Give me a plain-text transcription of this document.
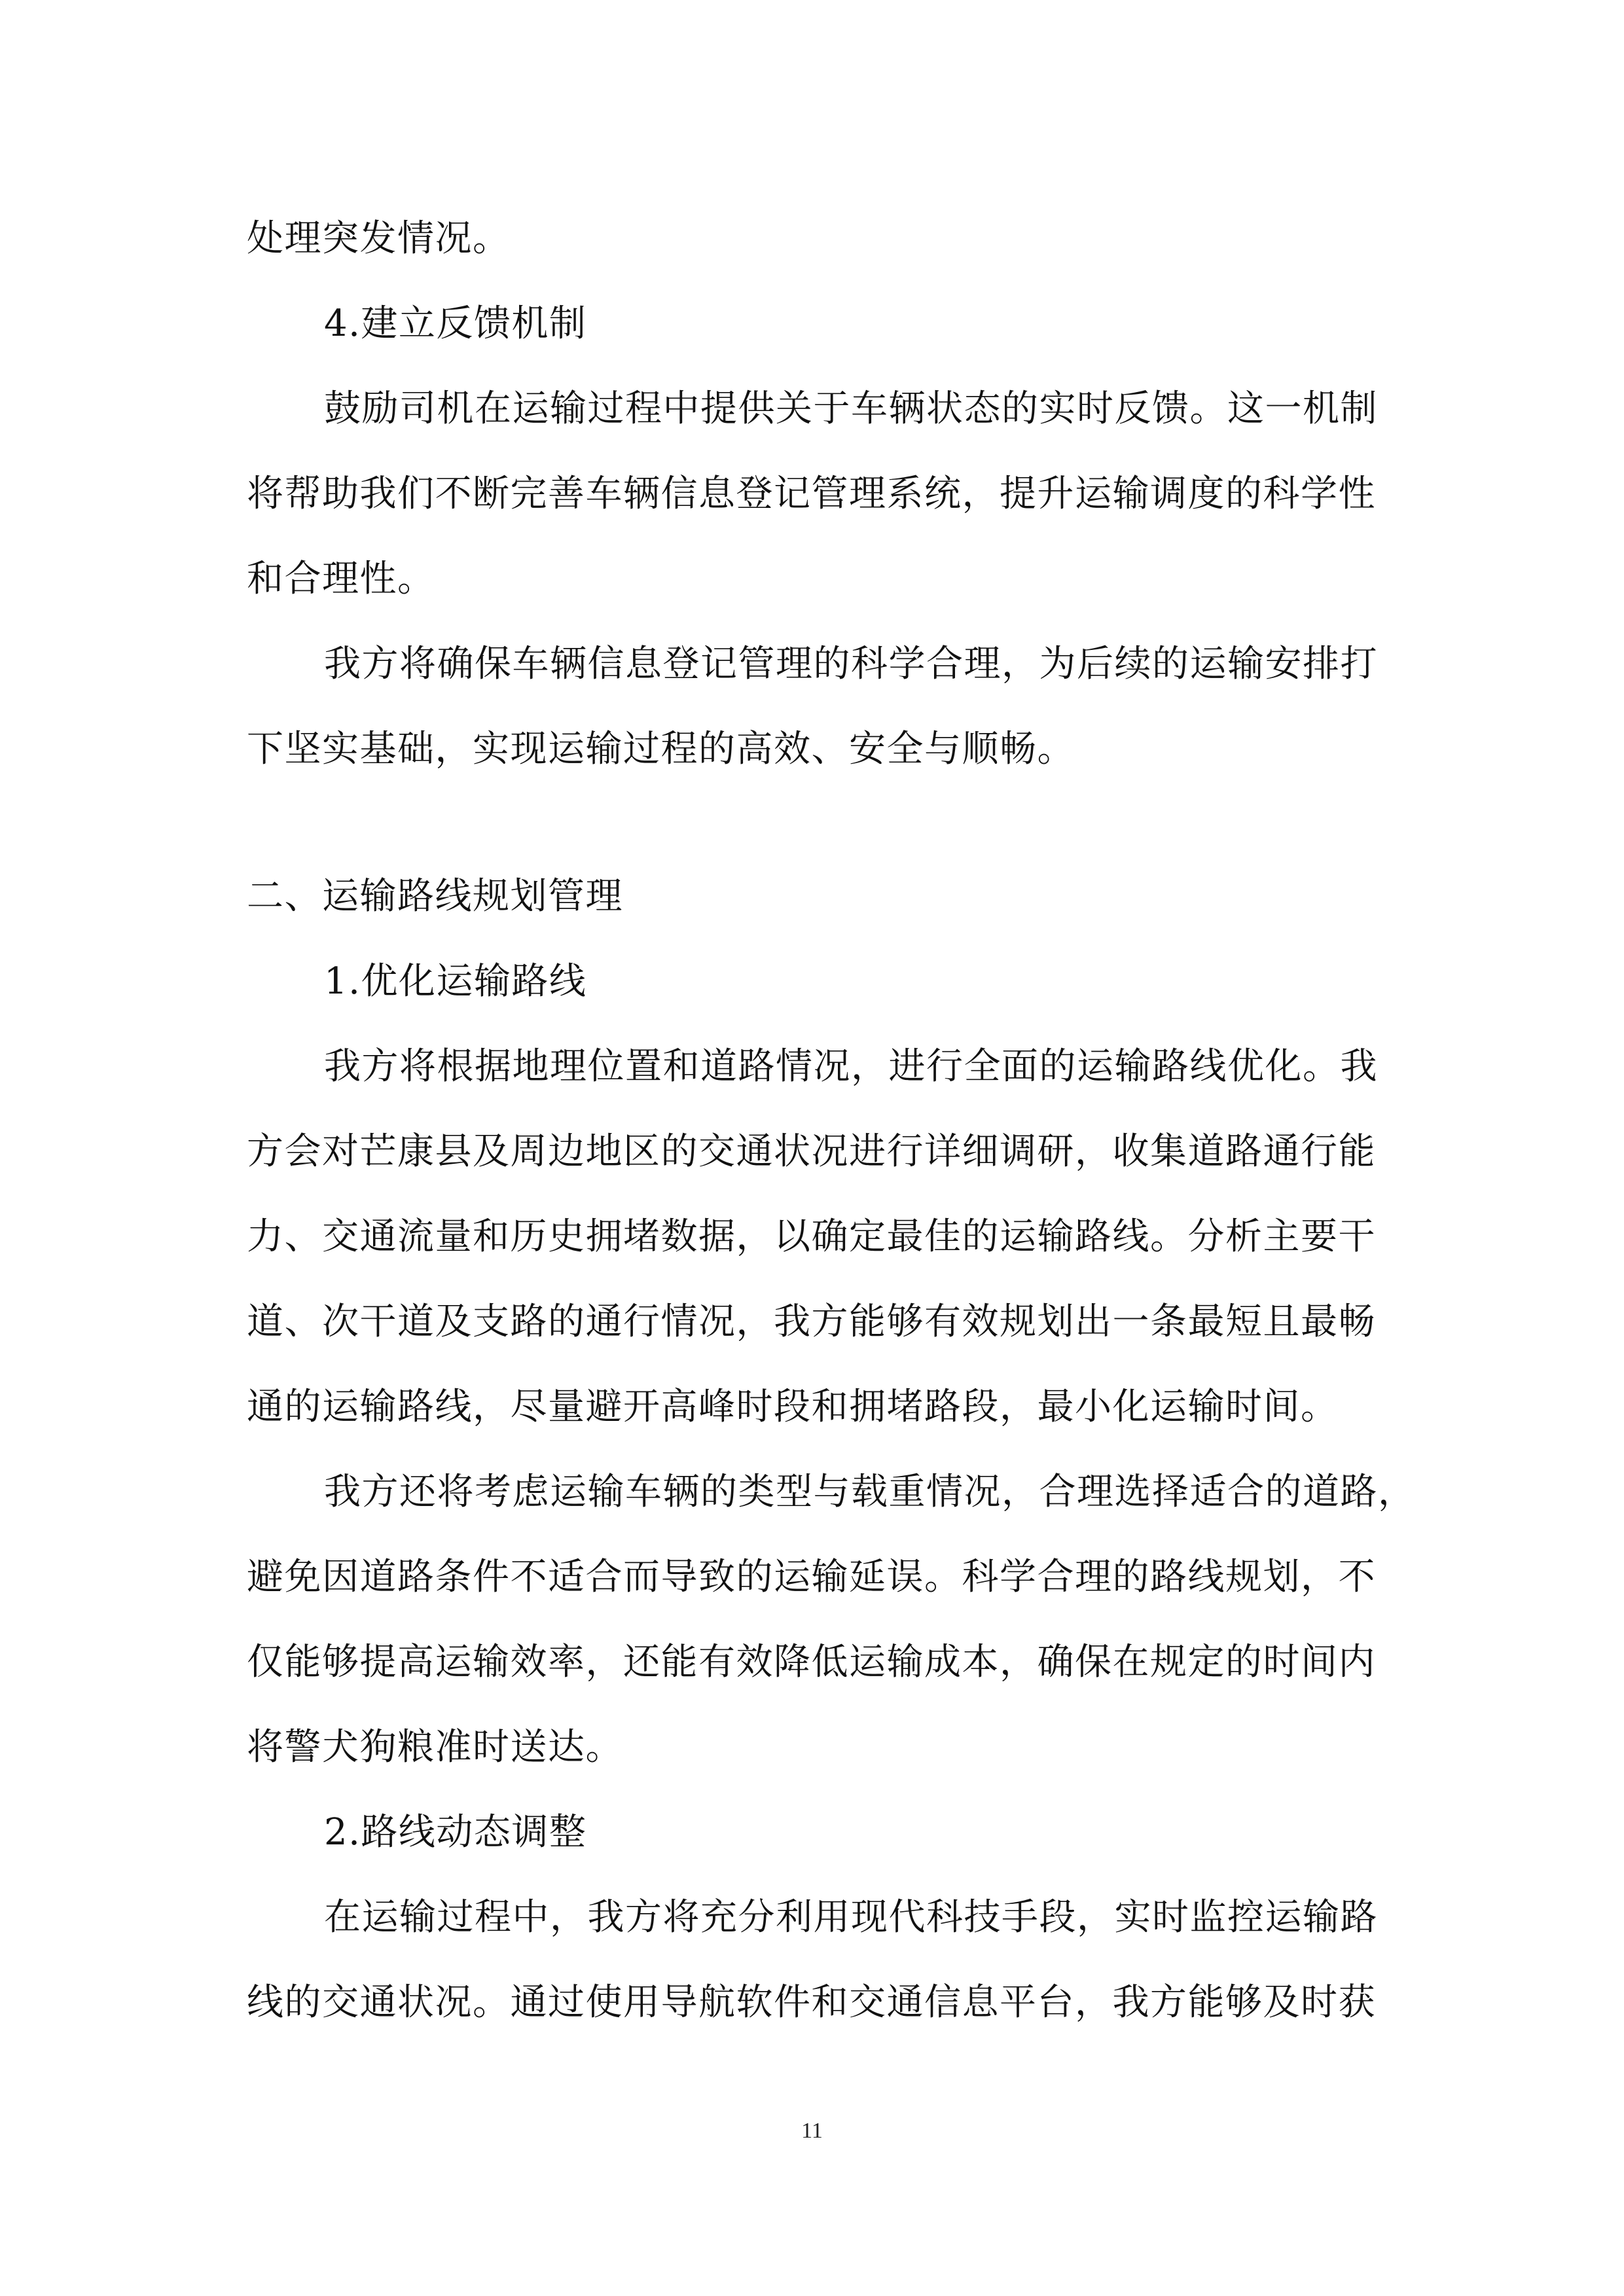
处理突发情况。
4.建立反馈机制
鼓励司机在运输过程中提供关于车辆状态的实时反馈。这一机制
将帮助我们不断完善车辆信息登记管理系统，提升运输调度的科学性
和合理性。
我方将确保车辆信息登记管理的科学合理，为后续的运输安排打
下坚实基础，实现运输过程的高效、安全与顺畅。
二、运输路线规划管理
1.优化运输路线
我方将根据地理位置和道路情况，进行全面的运输路线优化。我
方会对芒康县及周边地区的交通状况进行详细调研，收集道路通行能
力、交通流量和历史拥堵数据，以确定最佳的运输路线。分析主要干
道、次干道及支路的通行情况，我方能够有效规划出一条最短且最畅
通的运输路线，尽量避开高峰时段和拥堵路段，最小化运输时间。
我方还将考虑运输车辆的类型与载重情况，合理选择适合的道路，
避免因道路条件不适合而导致的运输延误。科学合理的路线规划，不
仅能够提高运输效率，还能有效降低运输成本，确保在规定的时间内
将警犬狗粮准时送达。
2.路线动态调整
在运输过程中，我方将充分利用现代科技手段，实时监控运输路
线的交通状况。通过使用导航软件和交通信息平台，我方能够及时获
11
